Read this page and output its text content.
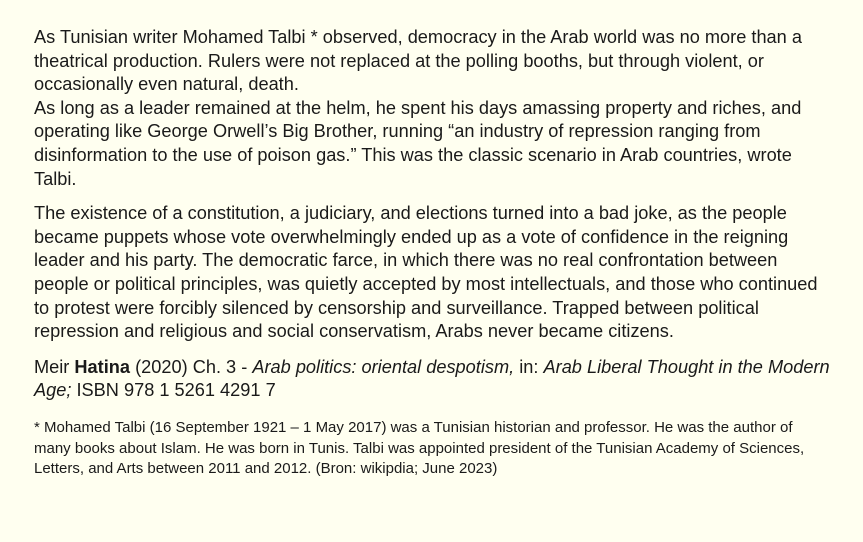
As Tunisian writer Mohamed Talbi * observed, democracy in the Arab world was no more than a theatrical production. Rulers were not replaced at the polling booths, but through violent, or occasionally even natural, death.

As long as a leader remained at the helm, he spent his days amassing property and riches, and operating like George Orwell’s Big Brother, running “an industry of repression ranging from disinformation to the use of poison gas.” This was the classic scenario in Arab countries, wrote Talbi.

The existence of a constitution, a judiciary, and elections turned into a bad joke, as the people became puppets whose vote overwhelmingly ended up as a vote of confidence in the reigning leader and his party. The democratic farce, in which there was no real confrontation between people or political principles, was quietly accepted by most intellectuals, and those who continued to protest were forcibly silenced by censorship and surveillance. Trapped between political repression and religious and social conservatism, Arabs never became citizens.

Meir Hatina (2020) Ch. 3 - Arab politics: oriental despotism, in: Arab Liberal Thought in the Modern Age; ISBN 978 1 5261 4291 7

* Mohamed Talbi (16 September 1921 – 1 May 2017) was a Tunisian historian and professor. He was the author of many books about Islam. He was born in Tunis. Talbi was appointed president of the Tunisian Academy of Sciences, Letters, and Arts between 2011 and 2012. (Bron: wikipdia; June 2023)
